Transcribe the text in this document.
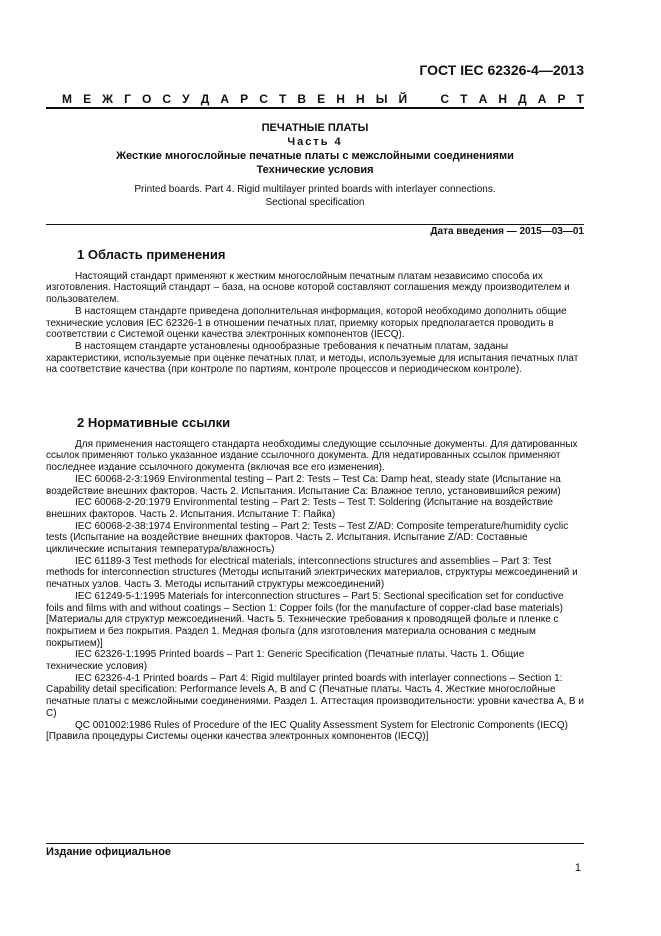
ГОСТ IEC 62326-4—2013
М Е Ж Г О С У Д А Р С Т В Е Н Н Ы Й	С Т А Н Д А Р Т
ПЕЧАТНЫЕ ПЛАТЫ
Часть 4
Жесткие многослойные печатные платы с межслойными соединениями
Технические условия
Printed boards. Part 4. Rigid multilayer printed boards with interlayer connections.
Sectional specification
Дата введения — 2015—03—01
1 Область применения

Настоящий стандарт применяют к жестким многослойным печатным платам независимо способа их изготовления. Настоящий стандарт – база, на основе которой составляют соглашения между производителем и пользователем.

В настоящем стандарте приведена дополнительная информация, которой необходимо дополнить общие технические условия IEC 62326-1 в отношении печатных плат, приемку которых предполагается проводить в соответствии с Системой оценки качества электронных компонентов (IECQ).

В настоящем стандарте установлены однообразные требования к печатным платам, заданы характеристики, используемые при оценке печатных плат, и методы, используемые для испытания печатных плат на соответствие качества (при контроле по партиям, контроле процессов и периодическом контроле).

2 Нормативные ссылки

Для применения настоящего стандарта необходимы следующие ссылочные документы. Для датированных ссылок применяют только указанное издание ссылочного документа. Для недатированных ссылок применяют последнее издание ссылочного документа (включая все его изменения).

IEC 60068-2-3:1969 Environmental testing – Part 2: Tests – Test Ca: Damp heat, steady state (Испытание на воздействие внешних факторов. Часть 2. Испытания. Испытание Са: Влажное тепло, установившийся режим)

IEC 60068-2-20:1979 Environmental testing – Part 2: Tests – Test T: Soldering (Испытание на воздействие внешних факторов. Часть 2. Испытания. Испытание Т: Пайка)

IEC 60068-2-38:1974 Environmental testing – Part 2: Tests – Test Z/AD: Composite temperature/humidity cyclic tests (Испытание на воздействие внешних факторов. Часть 2. Испытания. Испытание Z/AD: Составные циклические испытания температура/влажность)

IEC 61189-3 Test methods for electrical materials, interconnections structures and assemblies – Part 3: Test methods for interconnection structures (Методы испытаний электрических материалов, структуры межсоединений и печатных узлов. Часть 3. Методы испытаний структуры межсоединений)

IEC 61249-5-1:1995 Materials for interconnection structures – Part 5: Sectional specification set for conductive foils and films with and without coatings – Section 1: Copper foils (for the manufacture of copper-clad base materials) [Материалы для структур межсоединений. Часть 5. Технические требования к проводящей фольге и пленке с покрытием и без покрытия. Раздел 1. Медная фольга (для изготовления материала основания с медным покрытием)]

IEC 62326-1:1995 Printed boards – Part 1: Generic Specification (Печатные платы. Часть 1. Общие технические условия)

IEC 62326-4-1 Printed boards – Part 4: Rigid multilayer printed boards with interlayer connections – Section 1: Capability detail specification: Performance levels A, B and C (Печатные платы. Часть 4. Жесткие многослойные печатные платы с межслойными соединениями. Раздел 1. Аттестация производительности: уровни качества А, В и С)

QC 001002:1986 Rules of Procedure of the IEC Quality Assessment System for Electronic Components (IECQ) [Правила процедуры Системы оценки качества электронных компонентов (IECQ)]

Издание официальное
1
